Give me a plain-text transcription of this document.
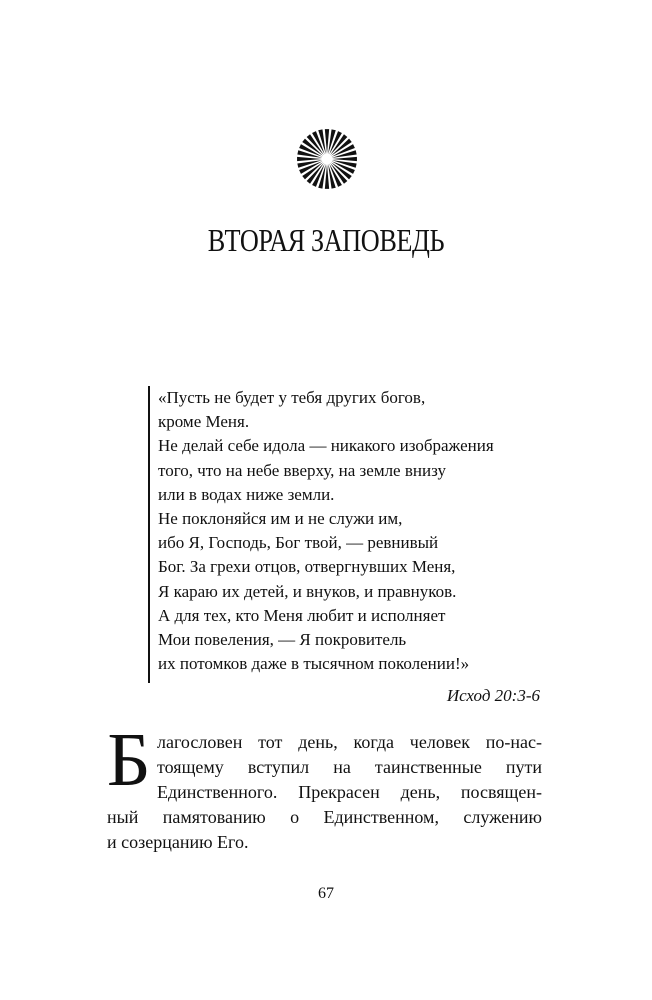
ВТОРАЯ ЗАПОВЕДЬ
«Пусть не будет у тебя других богов,
кроме Меня.
Не делай себе идола — никакого изображения
того, что на небе вверху, на земле внизу
или в водах ниже земли.
Не поклоняйся им и не служи им,
ибо Я, Господь, Бог твой, — ревнивый
Бог. За грехи отцов, отвергнувших Меня,
Я караю их детей, и внуков, и правнуков.
А для тех, кто Меня любит и исполняет
Мои повеления, — Я покровитель
их потомков даже в тысячном поколении!»
Исход 20:3-6
Б лагословен тот день, когда человек по-нас-
тоящему вступил на таинственные пути
Единственного. Прекрасен день, посвящен-
ный памятованию о Единственном, служению
и созерцанию Его.
67
